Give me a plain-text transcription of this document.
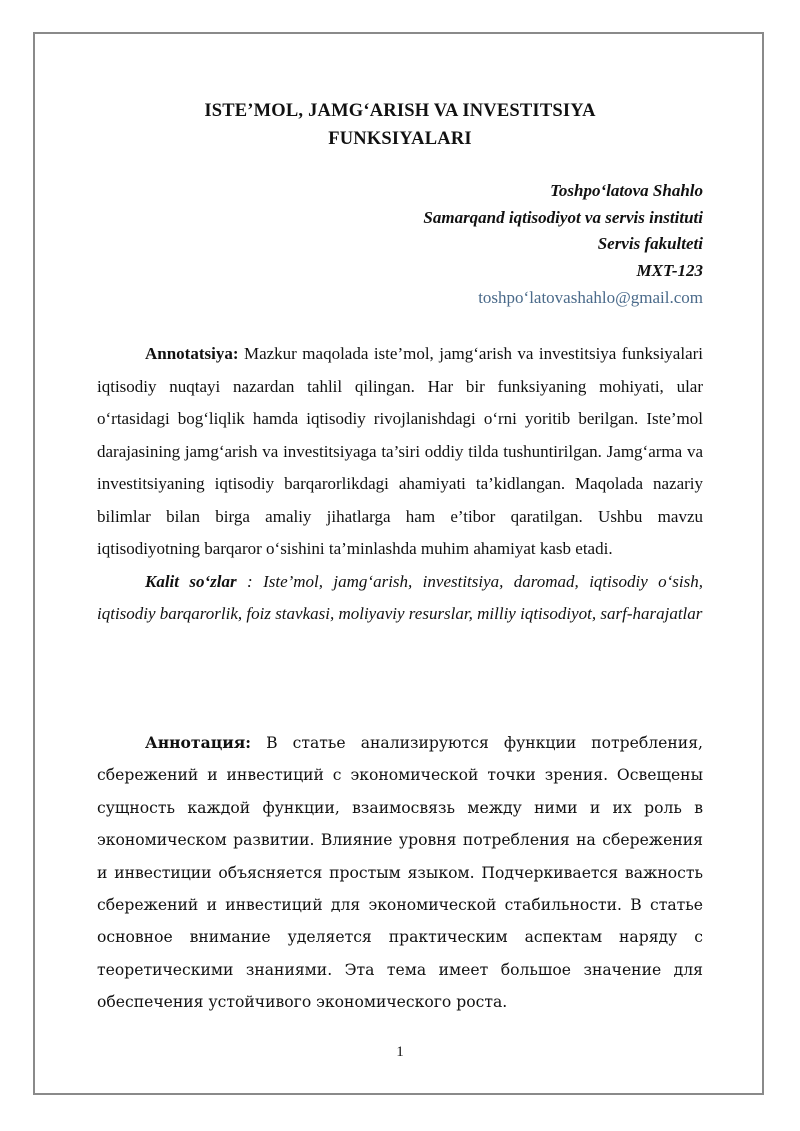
ISTE’MOL, JAMG‘ARISH VA INVESTITSIYA
FUNKSIYALARI
Toshpo‘latova Shahlo
Samarqand iqtisodiyot va servis instituti
Servis fakulteti
MXT-123
toshpo‘latovashahlo@gmail.com

Annotatsiya: Mazkur maqolada iste’mol, jamg‘arish va investitsiya funksiyalari iqtisodiy nuqtayi nazardan tahlil qilingan. Har bir funksiyaning mohiyati, ular o‘rtasidagi bog‘liqlik hamda iqtisodiy rivojlanishdagi o‘rni yoritib berilgan. Iste’mol darajasining jamg‘arish va investitsiyaga ta’siri oddiy tilda tushuntirilgan. Jamg‘arma va investitsiyaning iqtisodiy barqarorlikdagi ahamiyati ta’kidlangan. Maqolada nazariy bilimlar bilan birga amaliy jihatlarga ham e’tibor qaratilgan. Ushbu mavzu iqtisodiyotning barqaror o‘sishini ta’minlashda muhim ahamiyat kasb etadi.

Kalit so‘zlar : Iste’mol, jamg‘arish, investitsiya, daromad, iqtisodiy o‘sish, iqtisodiy barqarorlik, foiz stavkasi, moliyaviy resurslar, milliy iqtisodiyot, sarf-harajatlar

Аннотация: В статье анализируются функции потребления, сбережений и инвестиций с экономической точки зрения. Освещены сущность каждой функции, взаимосвязь между ними и их роль в экономическом развитии. Влияние уровня потребления на сбережения и инвестиции объясняется простым языком. Подчеркивается важность сбережений и инвестиций для экономической стабильности. В статье основное внимание уделяется практическим аспектам наряду с теоретическими знаниями. Эта тема имеет большое значение для обеспечения устойчивого экономического роста.

1
